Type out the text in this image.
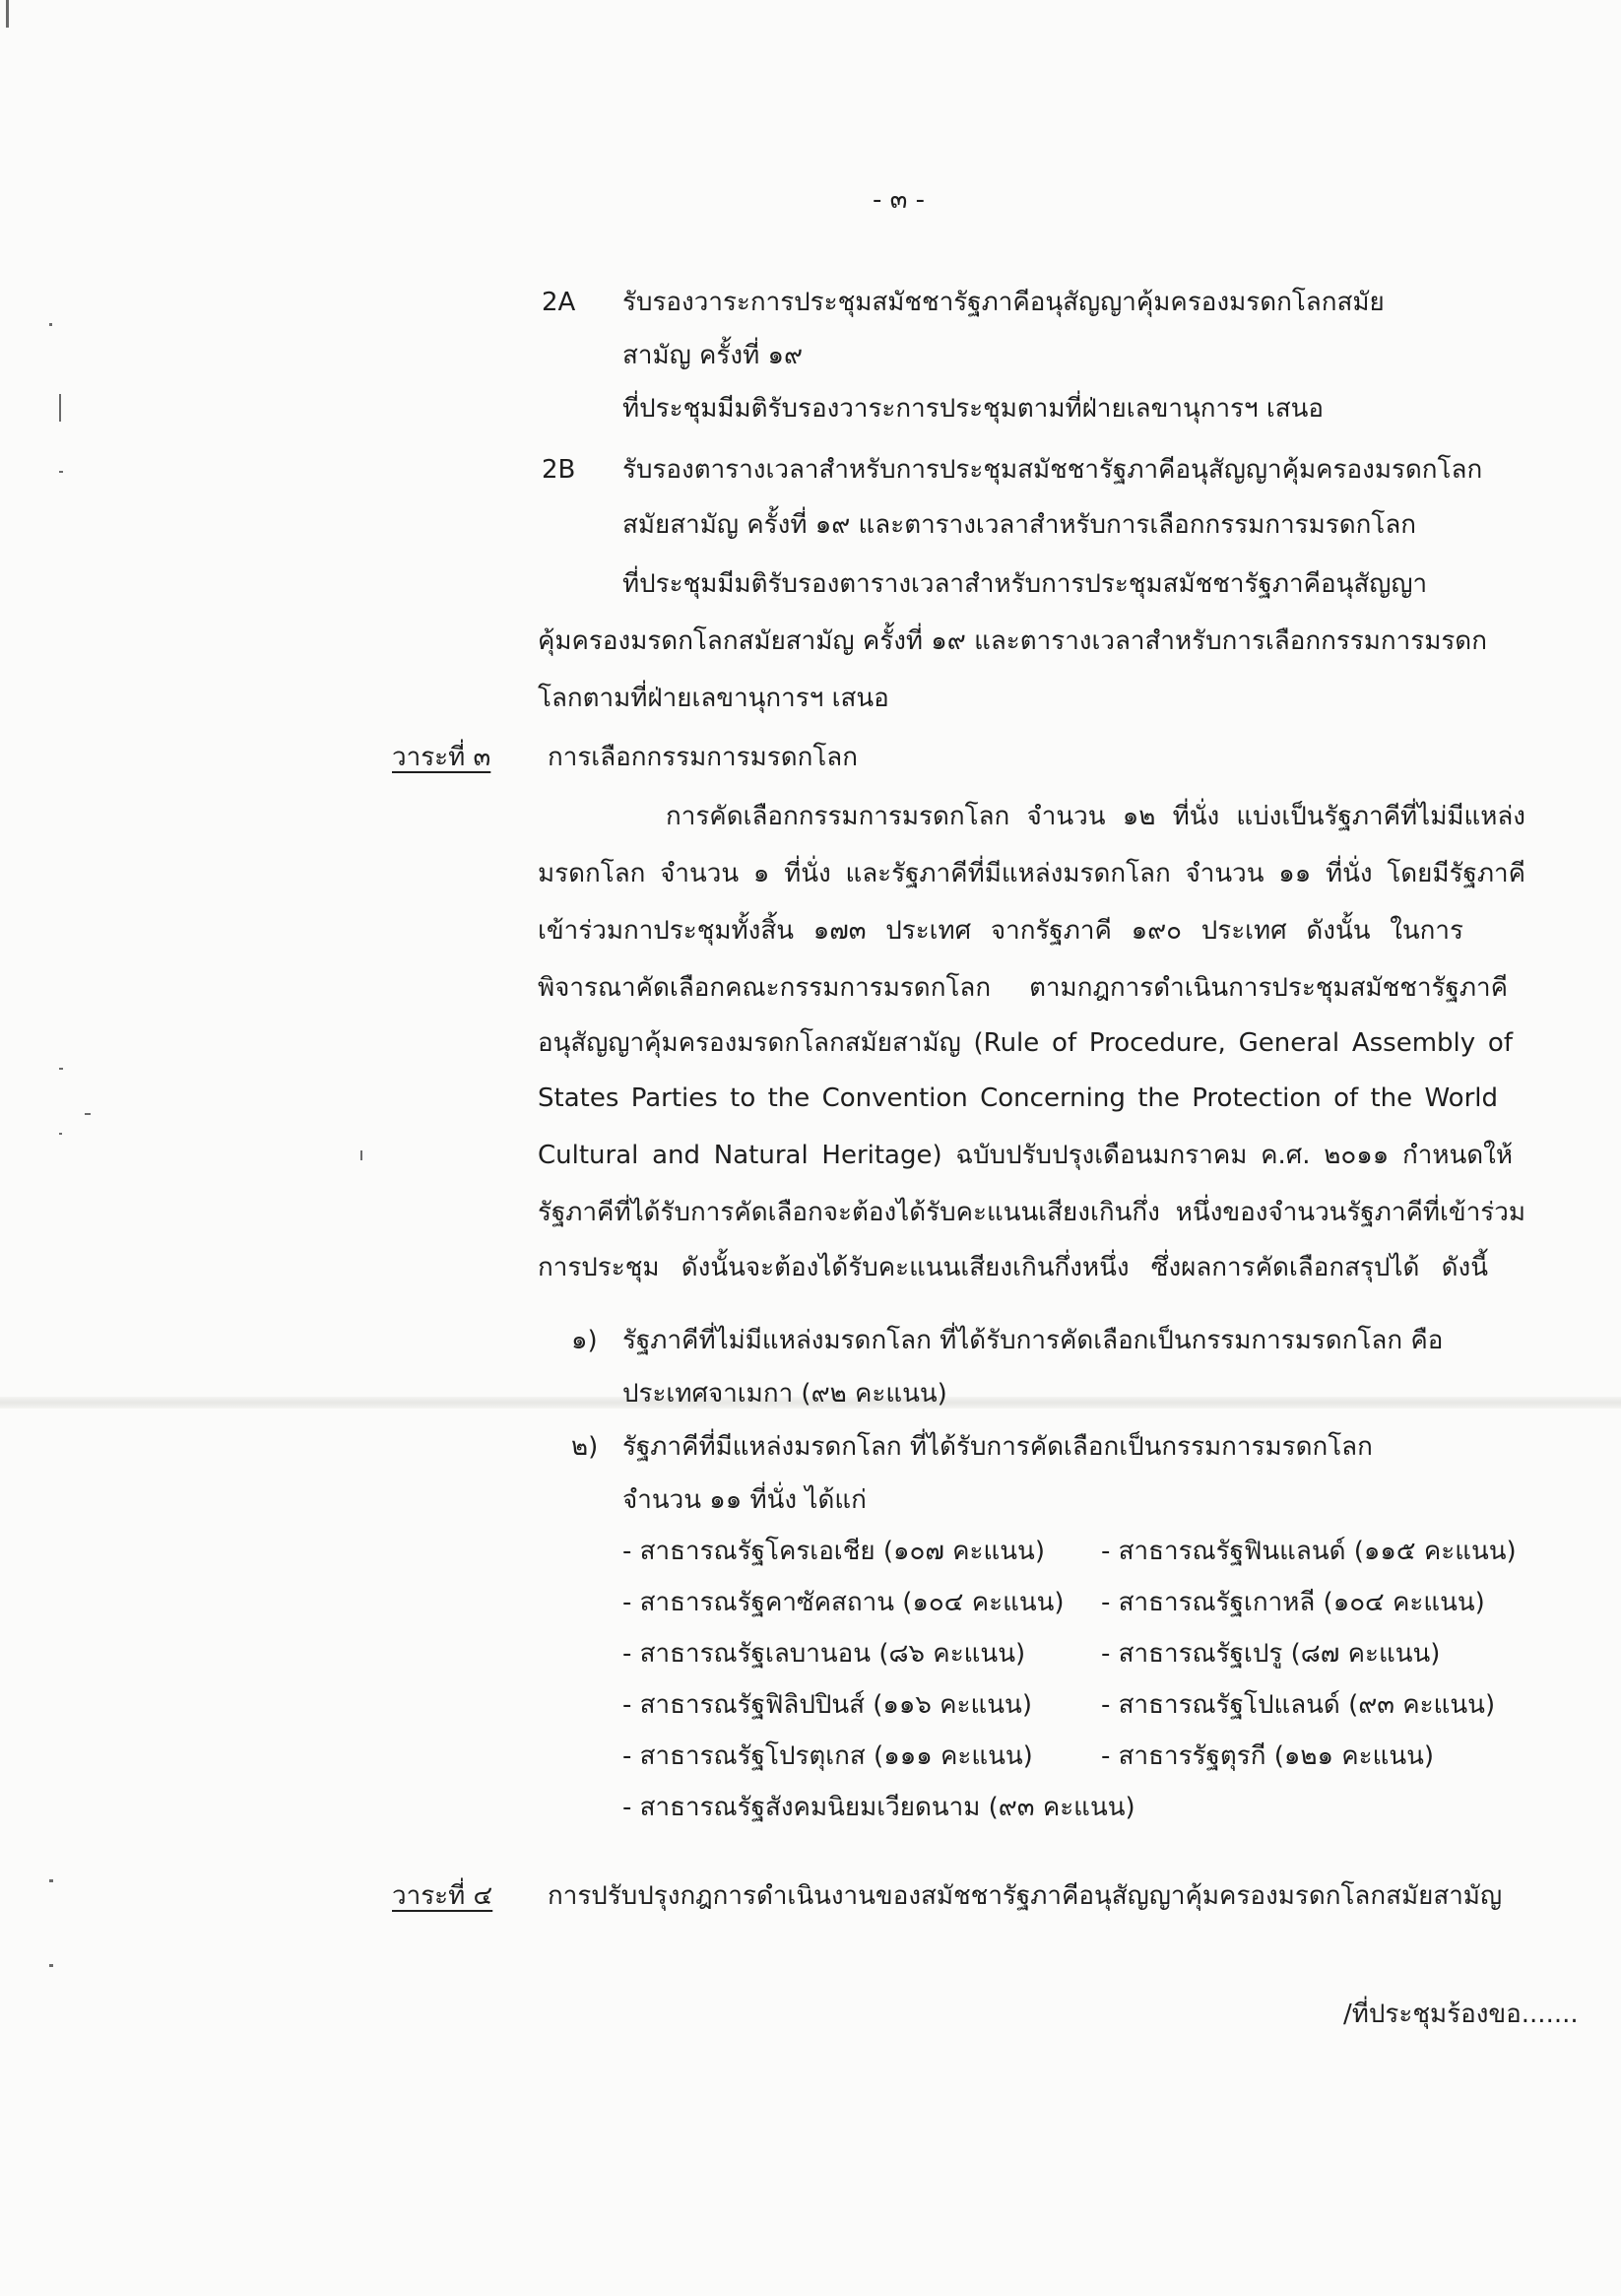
- ๓ -
2A รับรองวาระการประชุมสมัชชารัฐภาคีอนุสัญญาคุ้มครองมรดกโลกสมัย
สามัญ ครั้งที่ ๑๙
ที่ประชุมมีมติรับรองวาระการประชุมตามที่ฝ่ายเลขานุการฯ เสนอ
2B รับรองตารางเวลาสำหรับการประชุมสมัชชารัฐภาคีอนุสัญญาคุ้มครองมรดกโลก
สมัยสามัญ ครั้งที่ ๑๙ และตารางเวลาสำหรับการเลือกกรรมการมรดกโลก
ที่ประชุมมีมติรับรองตารางเวลาสำหรับการประชุมสมัชชารัฐภาคีอนุสัญญา
คุ้มครองมรดกโลกสมัยสามัญ ครั้งที่ ๑๙ และตารางเวลาสำหรับการเลือกกรรมการมรดก
โลกตามที่ฝ่ายเลขานุการฯ เสนอ
วาระที่ ๓ การเลือกกรรมการมรดกโลก
การคัดเลือกกรรมการมรดกโลก จำนวน ๑๒ ที่นั่ง แบ่งเป็นรัฐภาคีที่ไม่มีแหล่ง
มรดกโลก จำนวน ๑ ที่นั่ง และรัฐภาคีที่มีแหล่งมรดกโลก จำนวน ๑๑ ที่นั่ง โดยมีรัฐภาคี
เข้าร่วมกาประชุมทั้งสิ้น ๑๗๓ ประเทศ จากรัฐภาคี ๑๙๐ ประเทศ ดังนั้น ในการ
พิจารณาคัดเลือกคณะกรรมการมรดกโลก ตามกฎการดำเนินการประชุมสมัชชารัฐภาคี
อนุสัญญาคุ้มครองมรดกโลกสมัยสามัญ (Rule of Procedure, General Assembly of
States Parties to the Convention Concerning the Protection of the World
Cultural and Natural Heritage) ฉบับปรับปรุงเดือนมกราคม ค.ศ. ๒๐๑๑ กำหนดให้
รัฐภาคีที่ได้รับการคัดเลือกจะต้องได้รับคะแนนเสียงเกินกึ่ง หนึ่งของจำนวนรัฐภาคีที่เข้าร่วม
การประชุม ดังนั้นจะต้องได้รับคะแนนเสียงเกินกึ่งหนึ่ง ซึ่งผลการคัดเลือกสรุปได้ ดังนี้
๑) รัฐภาคีที่ไม่มีแหล่งมรดกโลก ที่ได้รับการคัดเลือกเป็นกรรมการมรดกโลก คือ
ประเทศจาเมกา (๙๒ คะแนน)
๒) รัฐภาคีที่มีแหล่งมรดกโลก ที่ได้รับการคัดเลือกเป็นกรรมการมรดกโลก
จำนวน ๑๑ ที่นั่ง ได้แก่
- สาธารณรัฐโครเอเชีย (๑๐๗ คะแนน)
- สาธารณรัฐคาซัคสถาน (๑๐๔ คะแนน)
- สาธารณรัฐเลบานอน (๘๖ คะแนน)
- สาธารณรัฐฟิลิปปินส์ (๑๑๖ คะแนน)
- สาธารณรัฐโปรตุเกส (๑๑๑ คะแนน)
- สาธารณรัฐสังคมนิยมเวียดนาม (๙๓ คะแนน)
- สาธารณรัฐฟินแลนด์ (๑๑๕ คะแนน)
- สาธารณรัฐเกาหลี (๑๐๔ คะแนน)
- สาธารณรัฐเปรู (๘๗ คะแนน)
- สาธารณรัฐโปแลนด์ (๙๓ คะแนน)
- สาธารรัฐตุรกี (๑๒๑ คะแนน)
วาระที่ ๔ การปรับปรุงกฎการดำเนินงานของสมัชชารัฐภาคีอนุสัญญาคุ้มครองมรดกโลกสมัยสามัญ
/ที่ประชุมร้องขอ.......
